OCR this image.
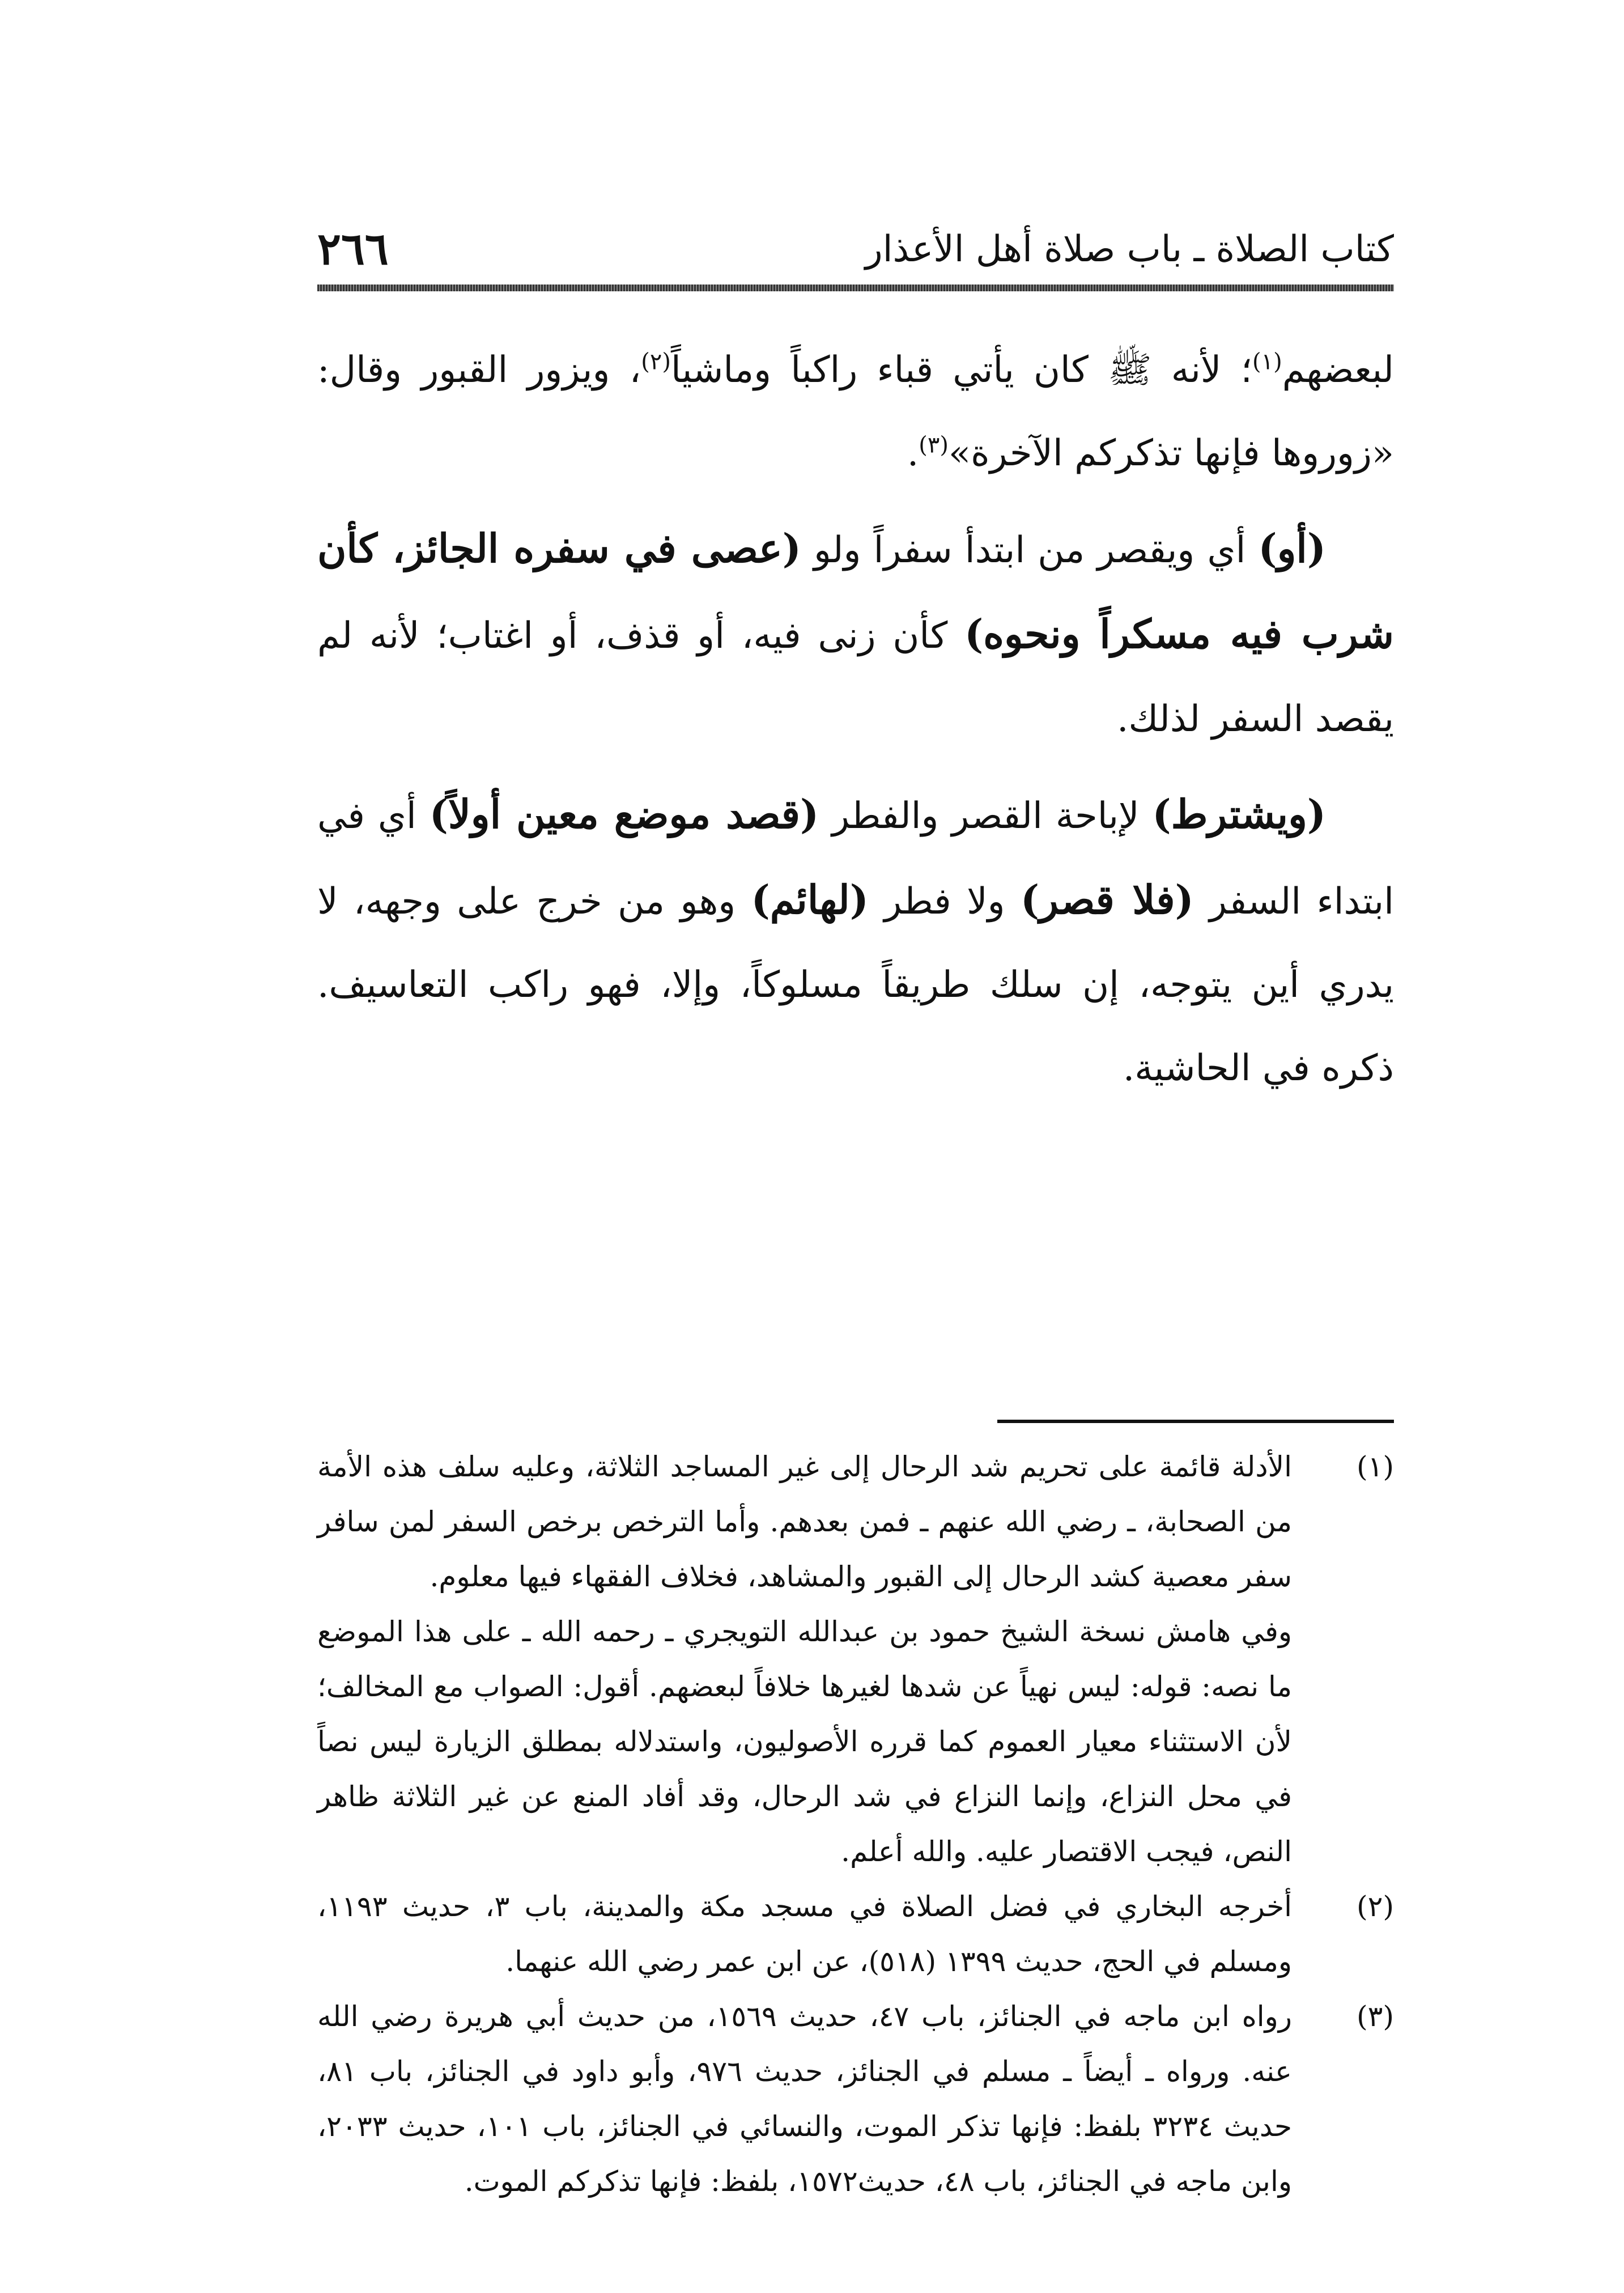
كتاب الصلاة ـ باب صلاة أهل الأعذار
٢٦٦

لبعضهم$^{(١)}$؛ لأنه ﷺ كان يأتي قباء راكباً وماشياً$^{(٢)}$، ويزور القبور وقال: «زوروها فإنها تذكركم الآخرة»$^{(٣)}$.

(أو) أي ويقصر من ابتدأ سفراً ولو (عصى في سفره الجائز، كأن شرب فيه مسكراً ونحوه) كأن زنى فيه، أو قذف، أو اغتاب؛ لأنه لم يقصد السفر لذلك.

(ويشترط) لإباحة القصر والفطر (قصد موضع معين أولاً) أي في ابتداء السفر (فلا قصر) ولا فطر (لهائم) وهو من خرج على وجهه، لا يدري أين يتوجه، إن سلك طريقاً مسلوكاً، وإلا، فهو راكب التعاسيف. ذكره في الحاشية.

(١)

الأدلة قائمة على تحريم شد الرحال إلى غير المساجد الثلاثة، وعليه سلف هذه الأمة من الصحابة، ـ رضي الله عنهم ـ فمن بعدهم. وأما الترخص برخص السفر لمن سافر سفر معصية كشد الرحال إلى القبور والمشاهد، فخلاف الفقهاء فيها معلوم.

وفي هامش نسخة الشيخ حمود بن عبدالله التويجري ـ رحمه الله ـ على هذا الموضع ما نصه: قوله: ليس نهياً عن شدها لغيرها خلافاً لبعضهم. أقول: الصواب مع المخالف؛ لأن الاستثناء معيار العموم كما قرره الأصوليون، واستدلاله بمطلق الزيارة ليس نصاً في محل النزاع، وإنما النزاع في شد الرحال، وقد أفاد المنع عن غير الثلاثة ظاهر النص، فيجب الاقتصار عليه. والله أعلم.

(٢)

أخرجه البخاري في فضل الصلاة في مسجد مكة والمدينة، باب ٣، حديث ١١٩٣، ومسلم في الحج، حديث ١٣٩٩ (٥١٨)، عن ابن عمر رضي الله عنهما.

(٣)

رواه ابن ماجه في الجنائز، باب ٤٧، حديث ١٥٦٩، من حديث أبي هريرة رضي الله عنه. ورواه ـ أيضاً ـ مسلم في الجنائز، حديث ٩٧٦، وأبو داود في الجنائز، باب ٨١، حديث ٣٢٣٤ بلفظ: فإنها تذكر الموت، والنسائي في الجنائز، باب ١٠١، حديث ٢٠٣٣، وابن ماجه في الجنائز، باب ٤٨، حديث١٥٧٢، بلفظ: فإنها تذكركم الموت.
